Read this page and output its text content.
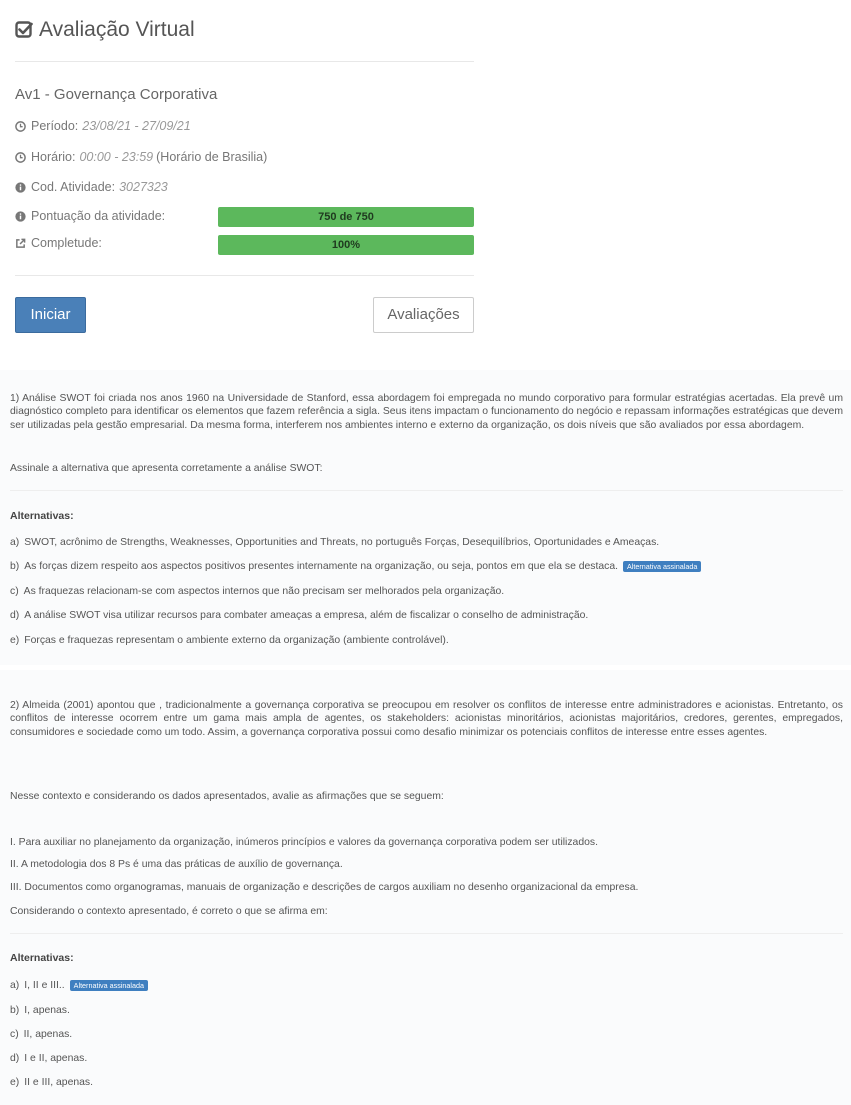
Avaliação Virtual
Av1 - Governança Corporativa
Período: 23/08/21 - 27/09/21
Horário: 00:00 - 23:59 (Horário de Brasilia)
Cod. Atividade: 3027323
Pontuação da atividade:	750 de 750
Completude:	100%
Iniciar	Avaliações

1) Análise SWOT foi criada nos anos 1960 na Universidade de Stanford, essa abordagem foi empregada no mundo corporativo para formular estratégias acertadas. Ela prevê um diagnóstico completo para identificar os elementos que fazem referência a sigla. Seus itens impactam o funcionamento do negócio e repassam informações estratégicas que devem ser utilizadas pela gestão empresarial. Da mesma forma, interferem nos ambientes interno e externo da organização, os dois níveis que são avaliados por essa abordagem.

Assinale a alternativa que apresenta corretamente a análise SWOT:
Alternativas:
a) SWOT, acrônimo de Strengths, Weaknesses, Opportunities and Threats, no português Forças, Desequilíbrios, Oportunidades e Ameaças.
b) As forças dizem respeito aos aspectos positivos presentes internamente na organização, ou seja, pontos em que ela se destaca.	Alternativa assinalada
c) As fraquezas relacionam-se com aspectos internos que não precisam ser melhorados pela organização.
d) A análise SWOT visa utilizar recursos para combater ameaças a empresa, além de fiscalizar o conselho de administração.
e) Forças e fraquezas representam o ambiente externo da organização (ambiente controlável).

2) Almeida (2001) apontou que , tradicionalmente a governança corporativa se preocupou em resolver os conflitos de interesse entre administradores e acionistas. Entretanto, os conflitos de interesse ocorrem entre um gama mais ampla de agentes, os stakeholders: acionistas minoritários, acionistas majoritários, credores, gerentes, empregados, consumidores e sociedade como um todo. Assim, a governança corporativa possui como desafio minimizar os potenciais conflitos de interesse entre esses agentes.

Nesse contexto e considerando os dados apresentados, avalie as afirmações que se seguem:
I. Para auxiliar no planejamento da organização, inúmeros princípios e valores da governança corporativa podem ser utilizados.
II. A metodologia dos 8 Ps é uma das práticas de auxílio de governança.
III. Documentos como organogramas, manuais de organização e descrições de cargos auxiliam no desenho organizacional da empresa.
Considerando o contexto apresentado, é correto o que se afirma em:
Alternativas:
a) I, II e III..	Alternativa assinalada
b) I, apenas.
c) II, apenas.
d) I e II, apenas.
e) II e III, apenas.
